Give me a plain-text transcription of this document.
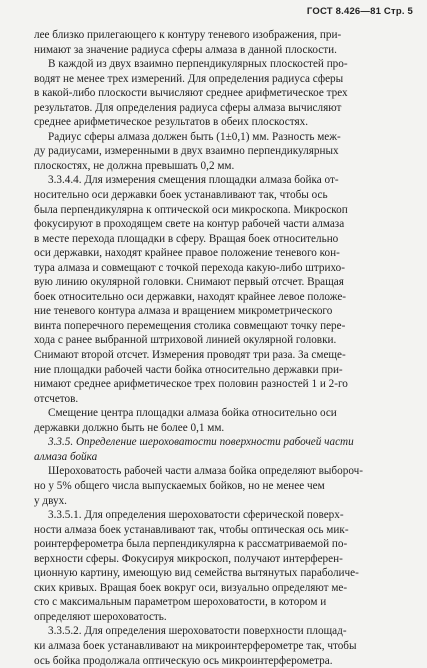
ГОСТ 8.426—81 Стр. 5
лее близко прилегающего к контуру теневого изображения, при-
нимают за значение радиуса сферы алмаза в данной плоскости.
В каждой из двух взаимно перпендикулярных плоскостей про-
водят не менее трех измерений. Для определения радиуса сферы
в какой-либо плоскости вычисляют среднее арифметическое трех
результатов. Для определения радиуса сферы алмаза вычисляют
среднее арифметическое результатов в обеих плоскостях.
Радиус сферы алмаза должен быть (1±0,1) мм. Разность меж-
ду радиусами, измеренными в двух взаимно перпендикулярных
плоскостях, не должна превышать 0,2 мм.
3.3.4.4. Для измерения смещения площадки алмаза бойка от-
носительно оси державки боек устанавливают так, чтобы ось
была перпендикулярна к оптической оси микроскопа. Микроскоп
фокусируют в проходящем свете на контур рабочей части алмаза
в месте перехода площадки в сферу. Вращая боек относительно
оси державки, находят крайнее правое положение теневого кон-
тура алмаза и совмещают с точкой перехода какую-либо штрихо-
вую линию окулярной головки. Снимают первый отсчет. Вращая
боек относительно оси державки, находят крайнее левое положе-
ние теневого контура алмаза и вращением микрометрического
винта поперечного перемещения столика совмещают точку пере-
хода с ранее выбранной штриховой линией окулярной головки.
Снимают второй отсчет. Измерения проводят три раза. За смеще-
ние площадки рабочей части бойка относительно державки при-
нимают среднее арифметическое трех половин разностей 1 и 2-го
отсчетов.
Смещение центра площадки алмаза бойка относительно оси
державки должно быть не более 0,1 мм.
3.3.5. Определение шероховатости поверхности рабочей части
алмаза бойка
Шероховатость рабочей части алмаза бойка определяют выбороч-
но у 5% общего числа выпускаемых бойков, но не менее чем
у двух.
3.3.5.1. Для определения шероховатости сферической поверх-
ности алмаза боек устанавливают так, чтобы оптическая ось мик-
роинтерферометра была перпендикулярна к рассматриваемой по-
верхности сферы. Фокусируя микроскоп, получают интерферен-
ционную картину, имеющую вид семейства вытянутых параболиче-
ских кривых. Вращая боек вокруг оси, визуально определяют ме-
сто с максимальным параметром шероховатости, в котором и
определяют шероховатость.
3.3.5.2. Для определения шероховатости поверхности площад-
ки алмаза боек устанавливают на микроинтерферометре так, чтобы
ось бойка продолжала оптическую ось микроинтерферометра.
